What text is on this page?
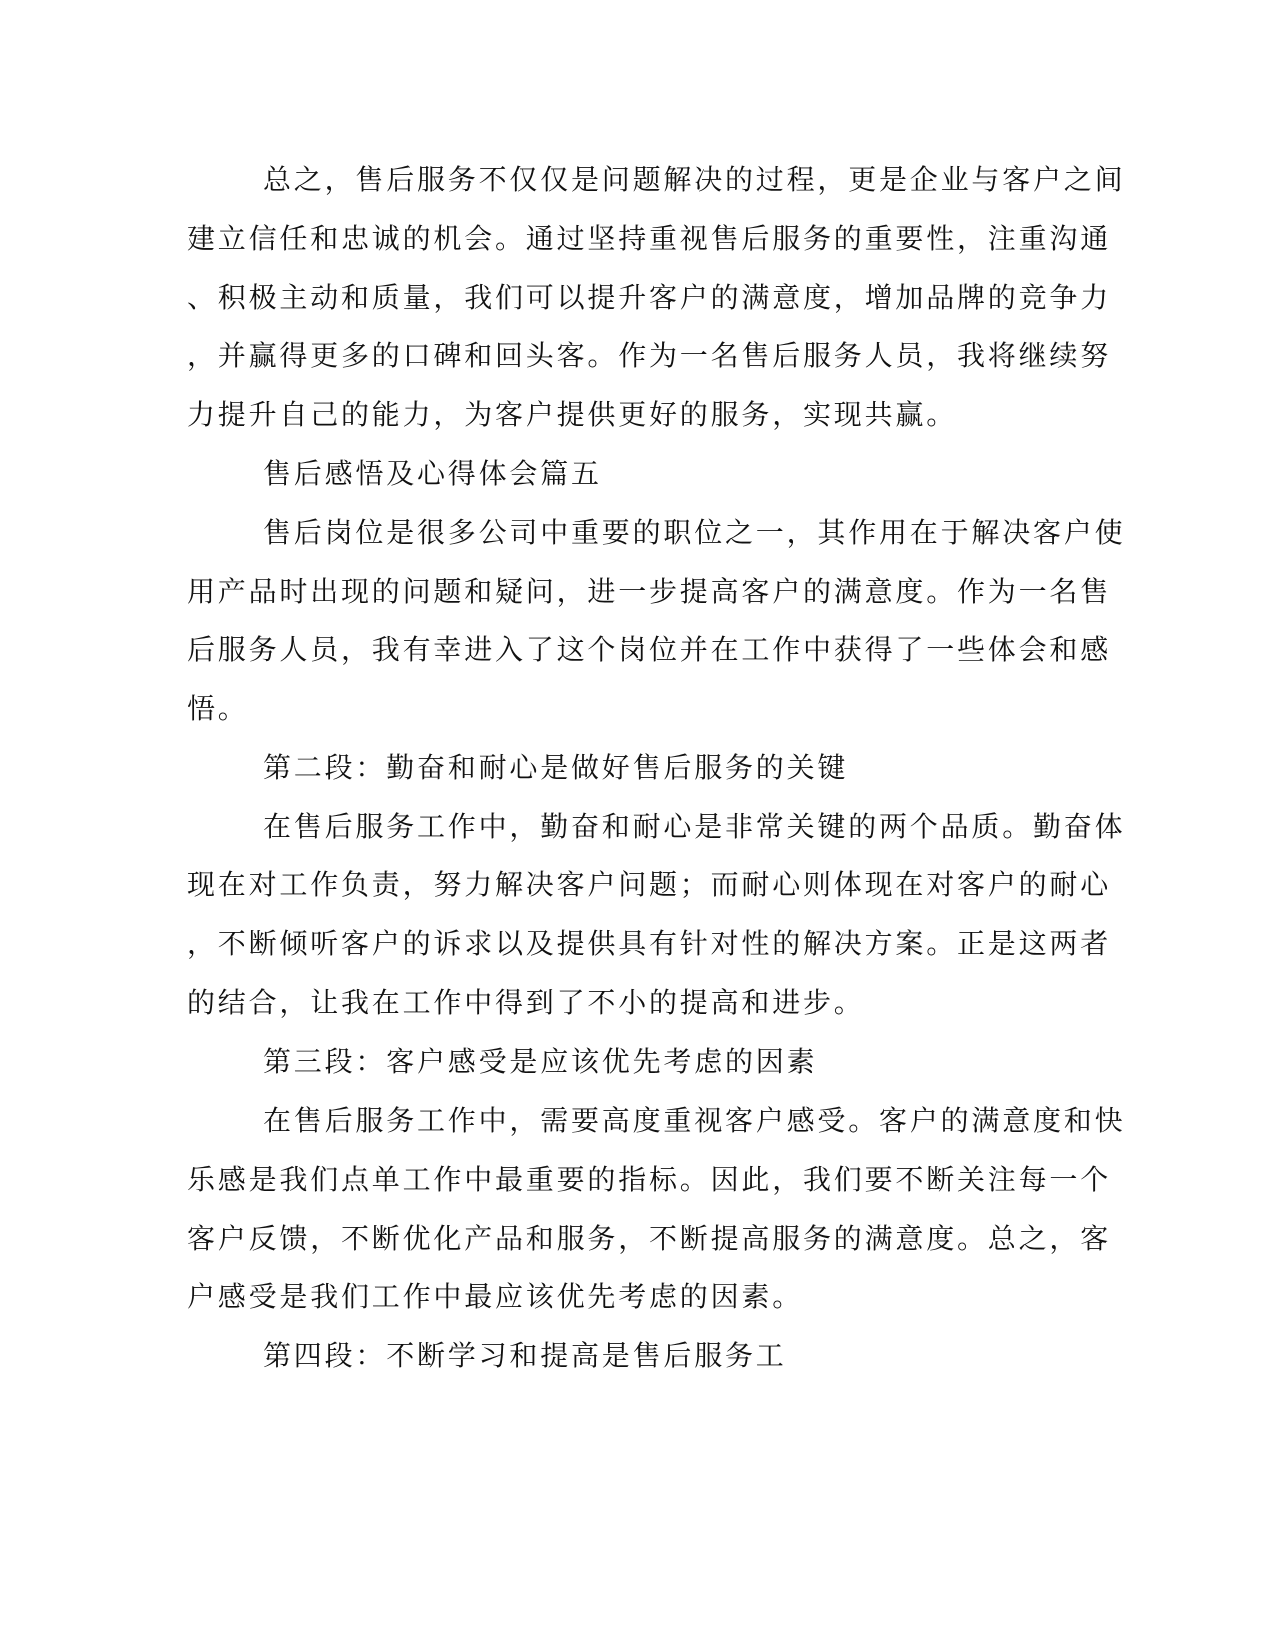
总之，售后服务不仅仅是问题解决的过程，更是企业与客户之间
建立信任和忠诚的机会。通过坚持重视售后服务的重要性，注重沟通
、积极主动和质量，我们可以提升客户的满意度，增加品牌的竞争力
，并赢得更多的口碑和回头客。作为一名售后服务人员，我将继续努
力提升自己的能力，为客户提供更好的服务，实现共赢。
售后感悟及心得体会篇五
售后岗位是很多公司中重要的职位之一，其作用在于解决客户使
用产品时出现的问题和疑问，进一步提高客户的满意度。作为一名售
后服务人员，我有幸进入了这个岗位并在工作中获得了一些体会和感
悟。
第二段：勤奋和耐心是做好售后服务的关键
在售后服务工作中，勤奋和耐心是非常关键的两个品质。勤奋体
现在对工作负责，努力解决客户问题；而耐心则体现在对客户的耐心
，不断倾听客户的诉求以及提供具有针对性的解决方案。正是这两者
的结合，让我在工作中得到了不小的提高和进步。
第三段：客户感受是应该优先考虑的因素
在售后服务工作中，需要高度重视客户感受。客户的满意度和快
乐感是我们点单工作中最重要的指标。因此，我们要不断关注每一个
客户反馈，不断优化产品和服务，不断提高服务的满意度。总之，客
户感受是我们工作中最应该优先考虑的因素。
第四段：不断学习和提高是售后服务工
